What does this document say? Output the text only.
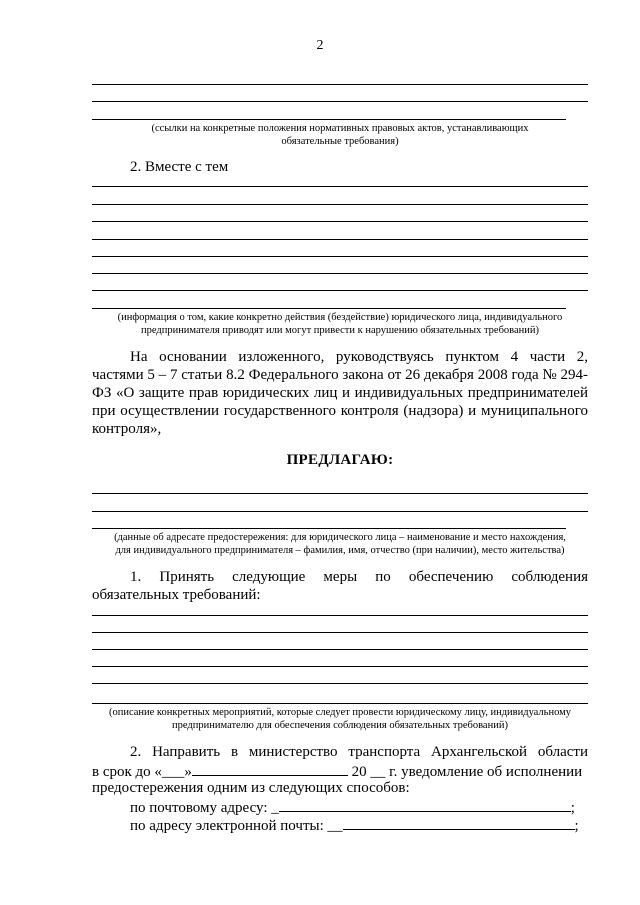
2
(ссылки на конкретные положения нормативных правовых актов, устанавливающих
обязательные требования)
2. Вместе с тем
(информация о том, какие конкретно действия (бездействие) юридического лица, индивидуального
предпринимателя приводят или могут привести к нарушению обязательных требований)

На основании изложенного, руководствуясь пунктом 4 части 2, частями 5 – 7 статьи 8.2 Федерального закона от 26 декабря 2008 года № 294-ФЗ «О защите прав юридических лиц и индивидуальных предпринимателей при осуществлении государственного контроля (надзора) и муниципального контроля»,

ПРЕДЛАГАЮ:
(данные об адресате предостережения: для юридического лица – наименование и место нахождения,
для индивидуального предпринимателя – фамилия, имя, отчество (при наличии), место жительства)

1. Принять следующие меры по обеспечению соблюдения обязательных требований:

(описание конкретных мероприятий, которые следует провести юридическому лицу, индивидуальному
предпринимателю для обеспечения соблюдения обязательных требований)
2. Направить в министерство транспорта Архангельской области
в срок до «___»	20 __ г. уведомление об исполнении
предостережения одним из следующих способов:
по почтовому адресу: _	;
по адресу электронной почты: __	;
